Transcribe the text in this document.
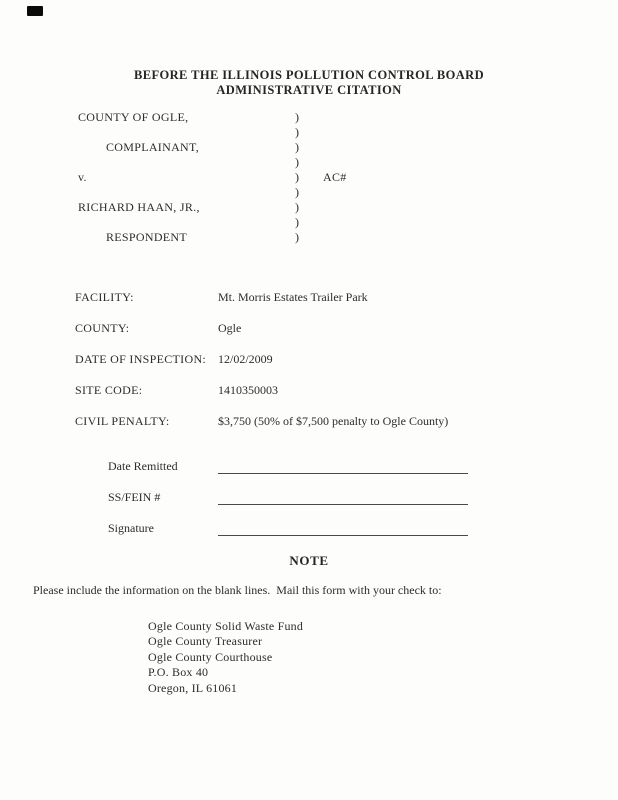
BEFORE THE ILLINOIS POLLUTION CONTROL BOARD
ADMINISTRATIVE CITATION
COUNTY OF OGLE,	)
)
COMPLAINANT,	)
)
v.	)	AC#
)
RICHARD HAAN, JR.,	)
)
RESPONDENT	)
FACILITY:	Mt. Morris Estates Trailer Park
COUNTY:	Ogle
DATE OF INSPECTION: 12/02/2009
SITE CODE:	1410350003
CIVIL PENALTY:	$3,750 (50% of $7,500 penalty to Ogle County)
Date Remitted
SS/FEIN #
Signature
NOTE
Please include the information on the blank lines.  Mail this form with your check to:
Ogle County Solid Waste Fund
Ogle County Treasurer
Ogle County Courthouse
P.O. Box 40
Oregon, IL 61061
